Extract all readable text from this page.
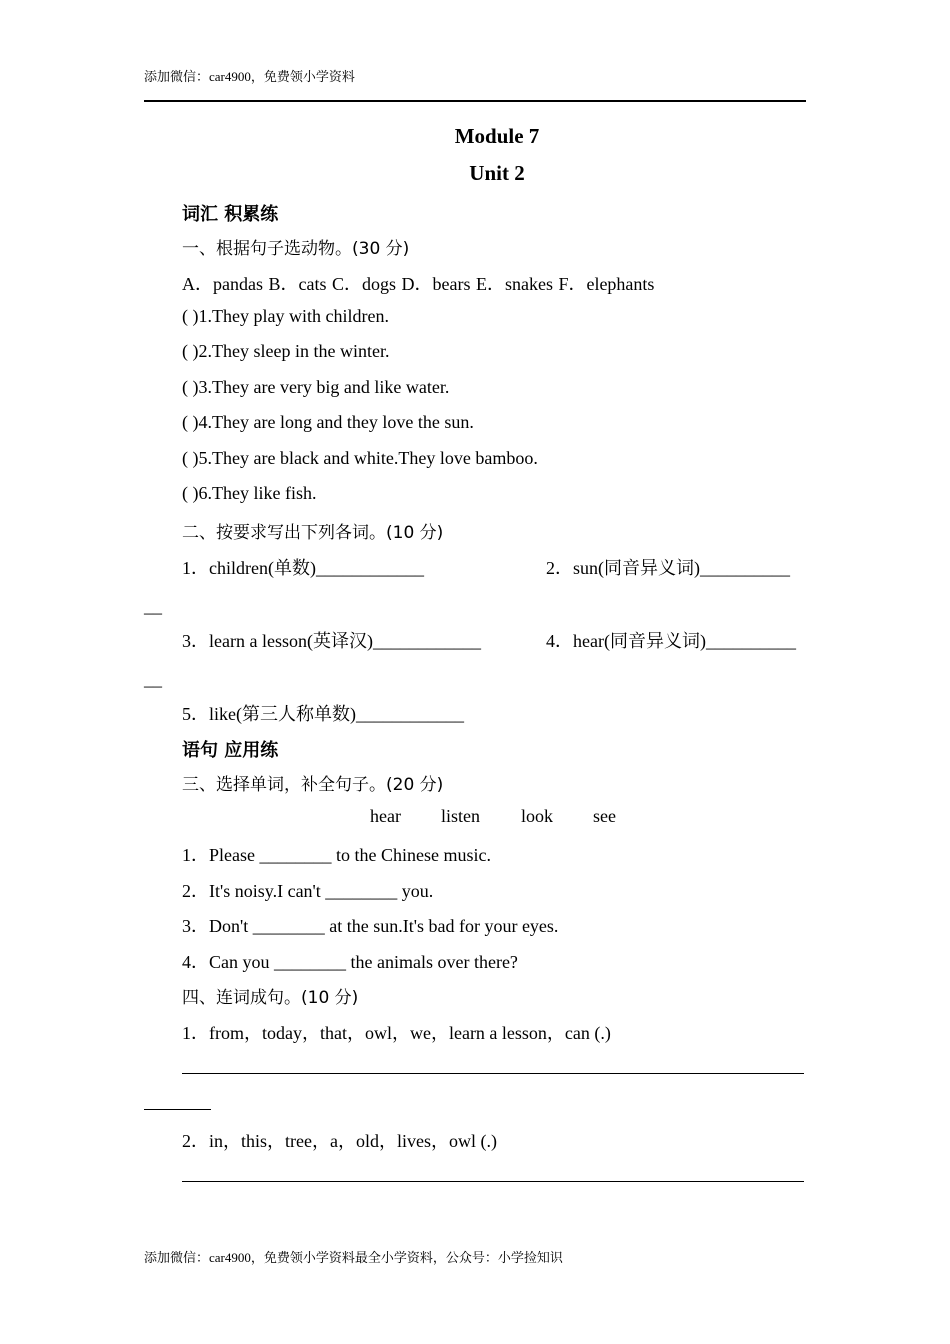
添加微信：car4900，免费领小学资料
Module 7
Unit 2
词汇 积累练
一、根据句子选动物。(30 分)
A．pandas B．cats C．dogs D．bears E．snakes F．elephants
( )1.They play with children.
( )2.They sleep in the winter.
( )3.They are very big and like water.
( )4.They are long and they love the sun.
( )5.They are black and white.They love bamboo.
( )6.They like fish.
二、按要求写出下列各词。(10 分)
1．children(单数)____________	2．sun(同音异义词)__________
__
3．learn a lesson(英译汉)____________	4．hear(同音异义词)__________
__
5．like(第三人称单数)____________
语句 应用练
三、选择单词，补全句子。(20 分)
hear listen look see
1．Please ________ to the Chinese music.
2．It's noisy.I can't ________ you.
3．Don't ________ at the sun.It's bad for your eyes.
4．Can you ________ the animals over there?
四、连词成句。(10 分)
1．from，today，that，owl，we，learn a lesson，can (.)
2．in，this，tree，a，old，lives，owl (.)
添加微信：car4900，免费领小学资料最全小学资料，公众号：小学捡知识
